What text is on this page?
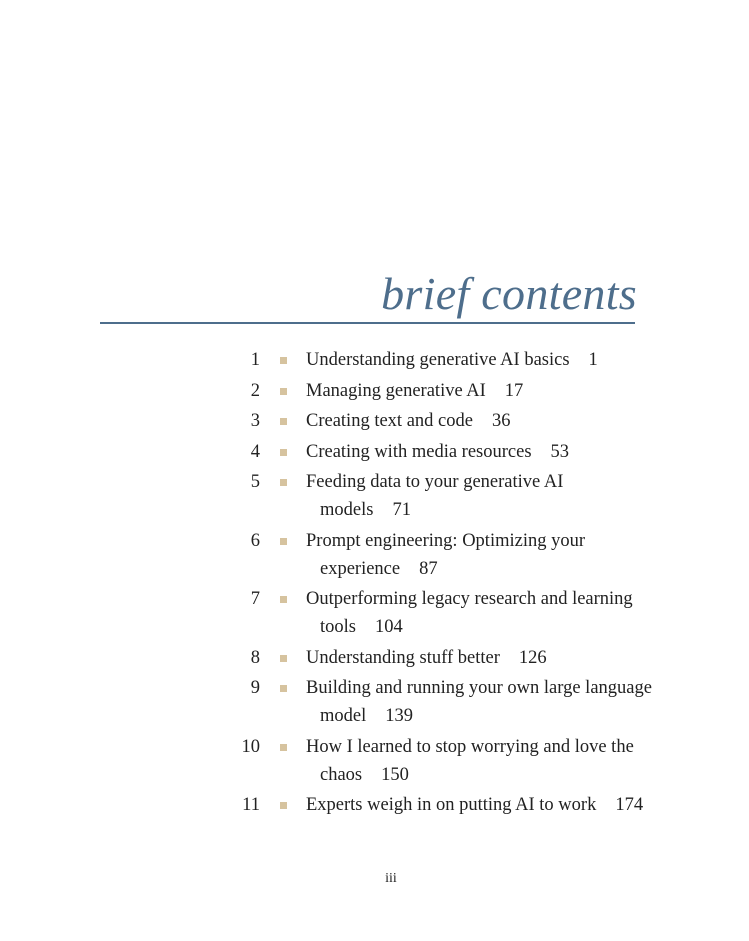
brief contents
1 Understanding generative AI basics 1
2 Managing generative AI 17
3 Creating text and code 36
4 Creating with media resources 53
5 Feeding data to your generative AI models 71
6 Prompt engineering: Optimizing your experience 87
7 Outperforming legacy research and learning tools 104
8 Understanding stuff better 126
9 Building and running your own large language model 139
10 How I learned to stop worrying and love the chaos 150
11 Experts weigh in on putting AI to work 174
iii
